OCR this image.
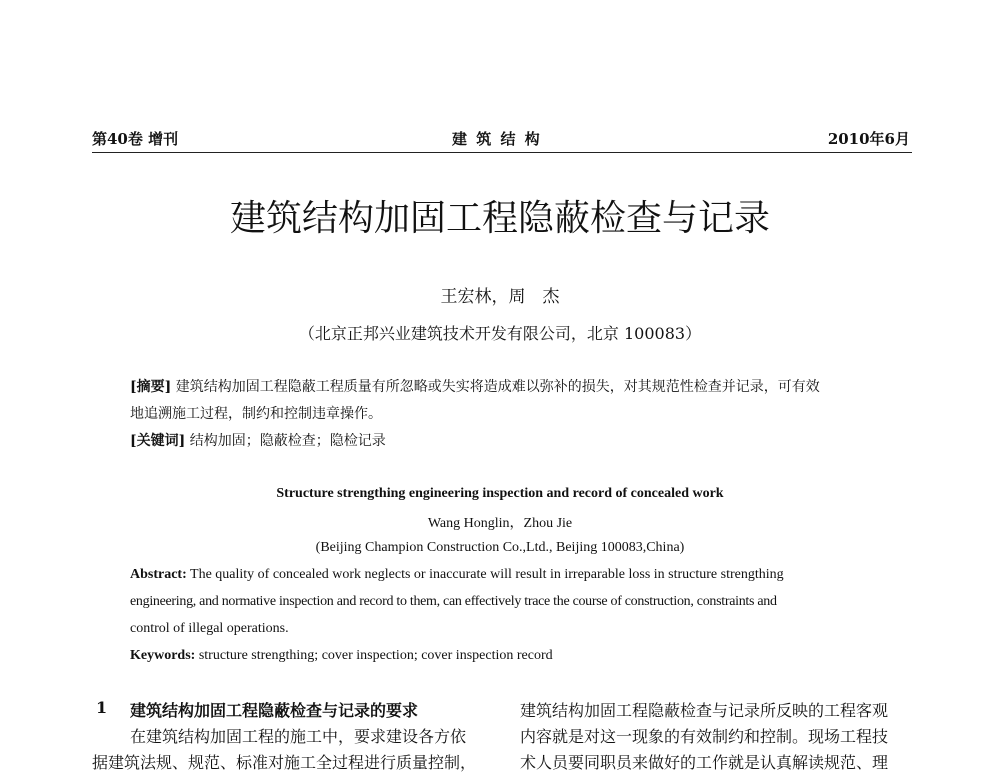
第40卷 增刊	建 筑 结 构	2010年6月
建筑结构加固工程隐蔽检查与记录
王宏林，周　杰
（北京正邦兴业建筑技术开发有限公司，北京 100083）
[摘要] 建筑结构加固工程隐蔽工程质量有所忽略或失实将造成难以弥补的损失，对其规范性检查并记录，可有效
地追溯施工过程，制约和控制违章操作。
[关键词] 结构加固；隐蔽检查；隐检记录
Structure strengthing engineering inspection and record of concealed work
Wang Honglin，Zhou Jie
(Beijing Champion Construction Co.,Ltd., Beijing 100083,China)
Abstract: The quality of concealed work neglects or inaccurate will result in irreparable loss in structure strengthing
engineering, and normative inspection and record to them, can effectively trace the course of construction, constraints and
control of illegal operations.
Keywords: structure strengthing; cover inspection; cover inspection record
1 建筑结构加固工程隐蔽检查与记录的要求
在建筑结构加固工程的施工中，要求建设各方依
据建筑法规、规范、标准对施工全过程进行质量控制，
建筑结构加固工程隐蔽检查与记录所反映的工程客观
内容就是对这一现象的有效制约和控制。现场工程技
术人员要同职员来做好的工作就是认真解读规范、理
